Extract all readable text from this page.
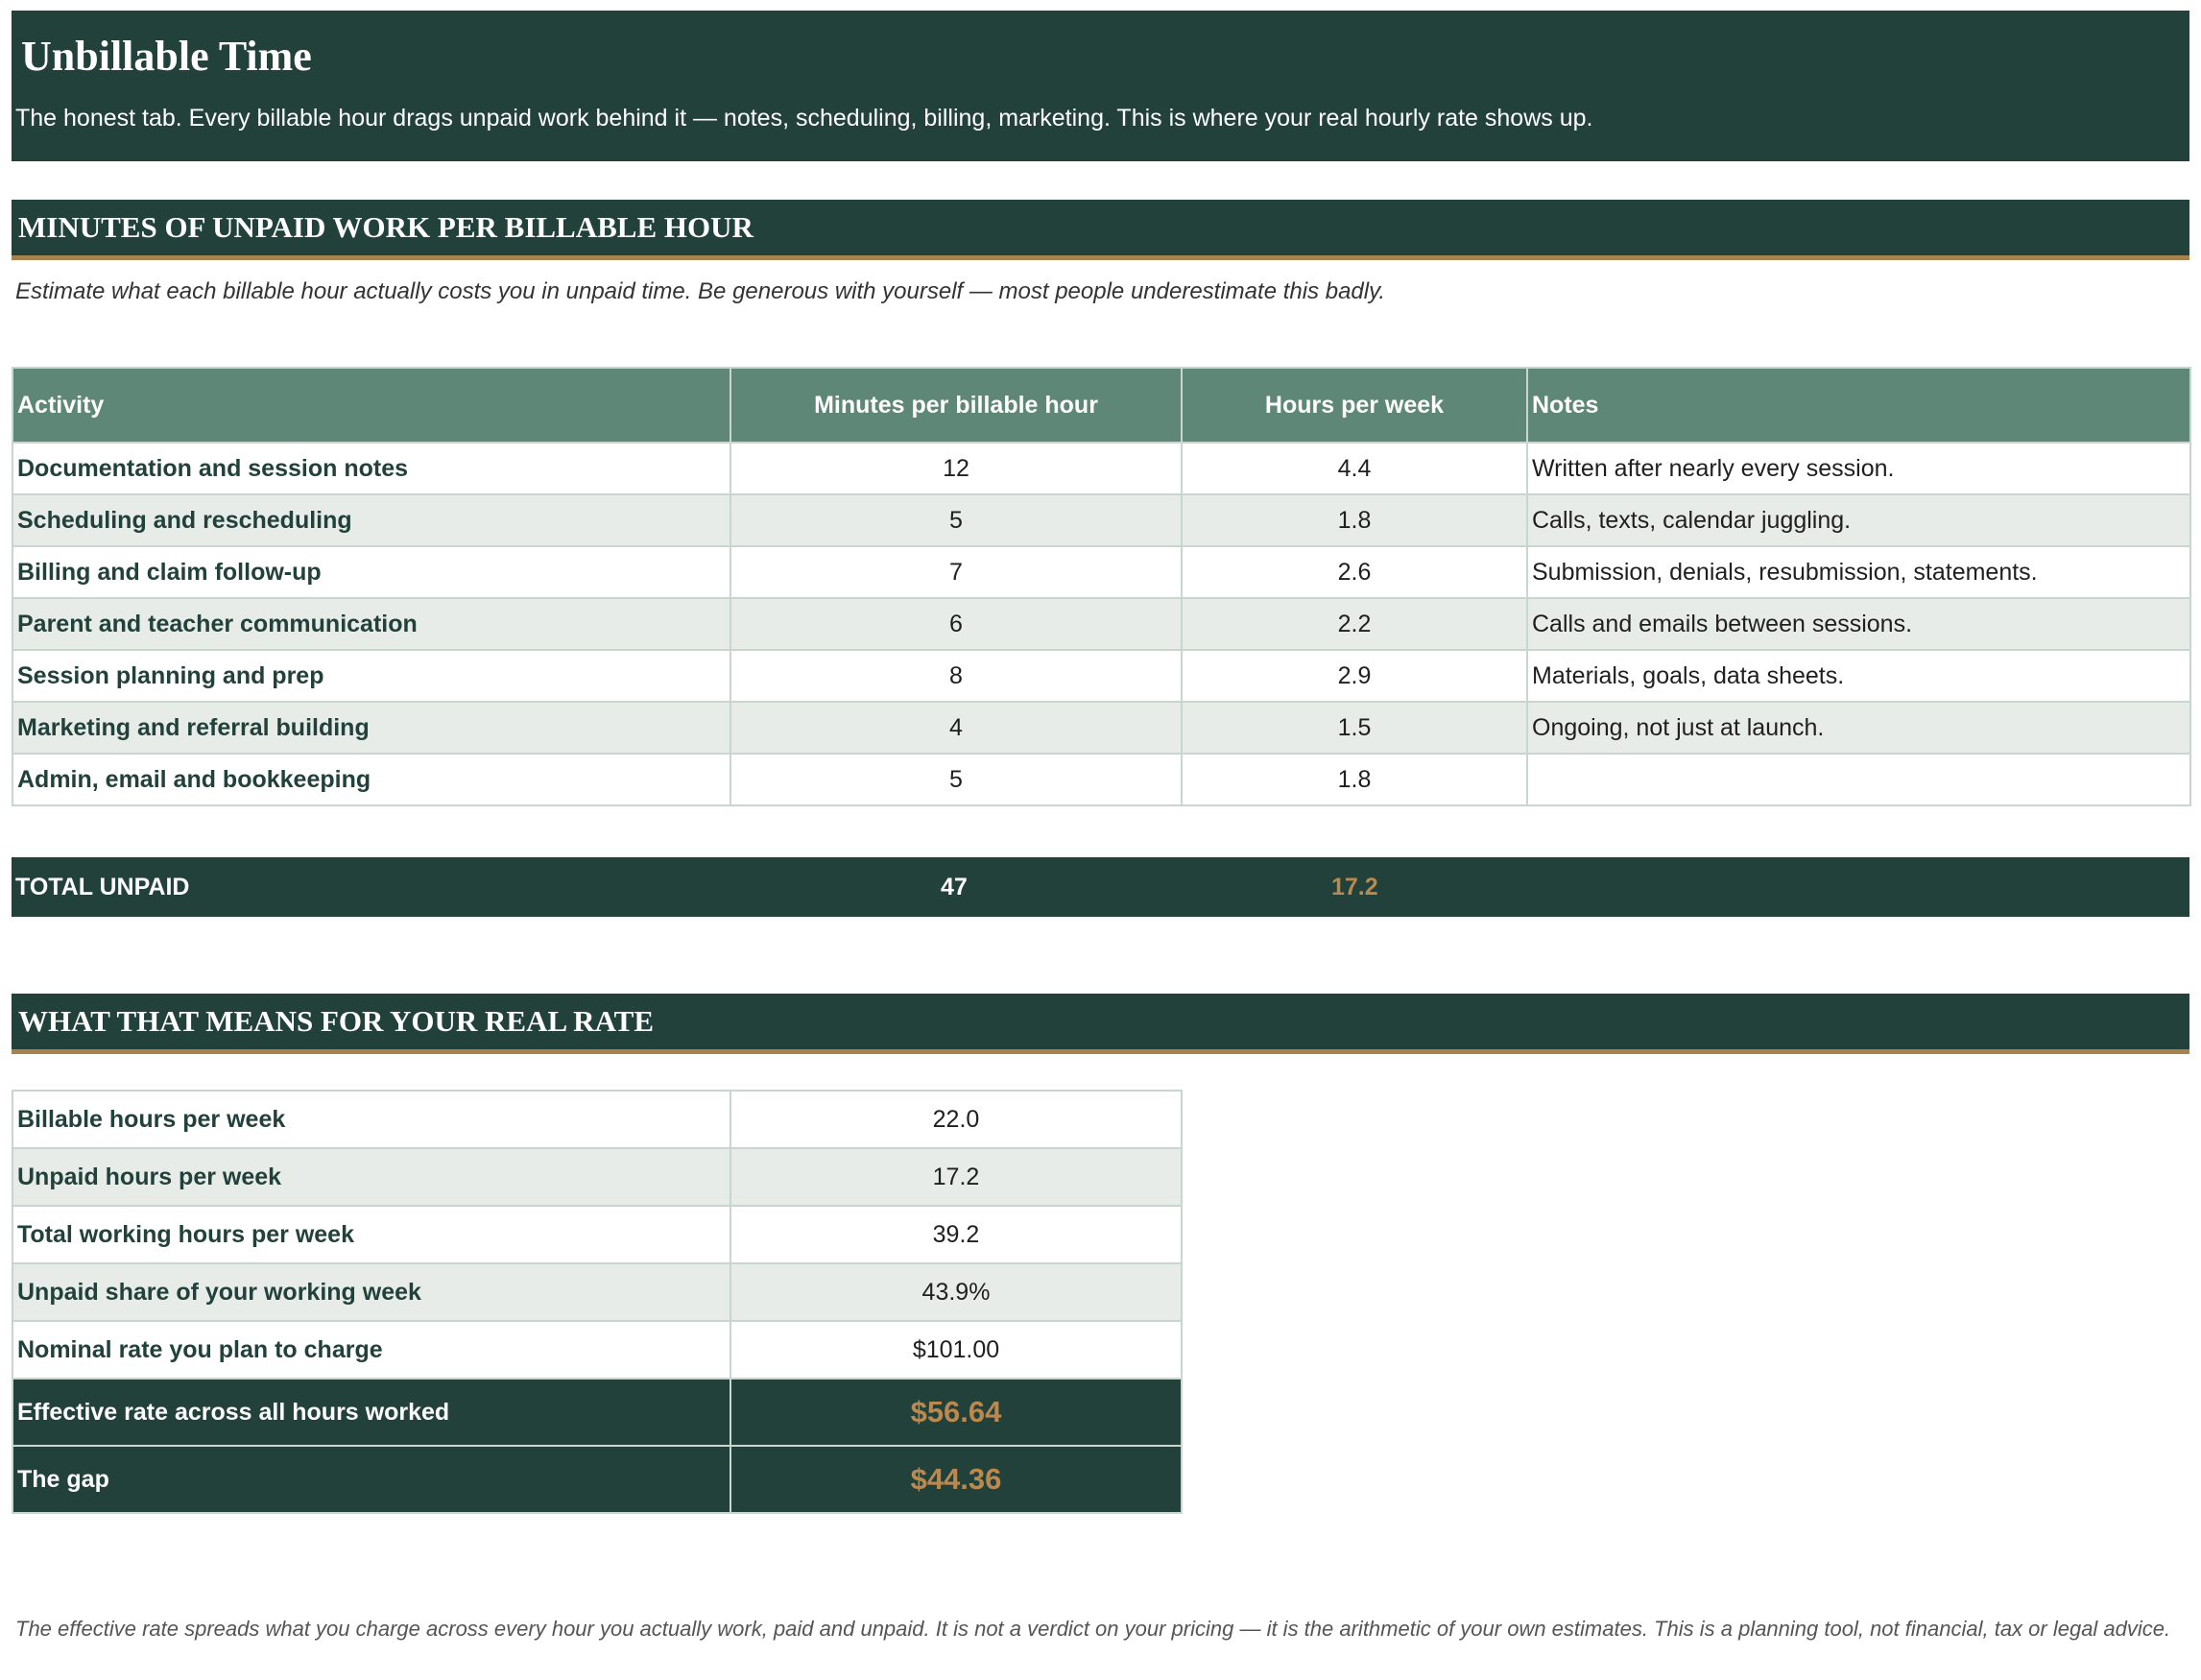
Unbillable Time

The honest tab. Every billable hour drags unpaid work behind it — notes, scheduling, billing, marketing. This is where your real hourly rate shows up.

MINUTES OF UNPAID WORK PER BILLABLE HOUR

Estimate what each billable hour actually costs you in unpaid time. Be generous with yourself — most people underestimate this badly.

Activity	Minutes per billable hour	Hours per week	Notes
Documentation and session notes	12	4.4	Written after nearly every session.
Scheduling and rescheduling	5	1.8	Calls, texts, calendar juggling.
Billing and claim follow-up	7	2.6	Submission, denials, resubmission, statements.
Parent and teacher communication	6	2.2	Calls and emails between sessions.
Session planning and prep	8	2.9	Materials, goals, data sheets.
Marketing and referral building	4	1.5	Ongoing, not just at launch.
Admin, email and bookkeeping	5	1.8	
TOTAL UNPAID	47	17.2
WHAT THAT MEANS FOR YOUR REAL RATE
Billable hours per week	22.0
Unpaid hours per week	17.2
Total working hours per week	39.2
Unpaid share of your working week	43.9%
Nominal rate you plan to charge	$101.00
Effective rate across all hours worked	$56.64
The gap	$44.36

The effective rate spreads what you charge across every hour you actually work, paid and unpaid. It is not a verdict on your pricing — it is the arithmetic of your own estimates. This is a planning tool, not financial, tax or legal advice.
